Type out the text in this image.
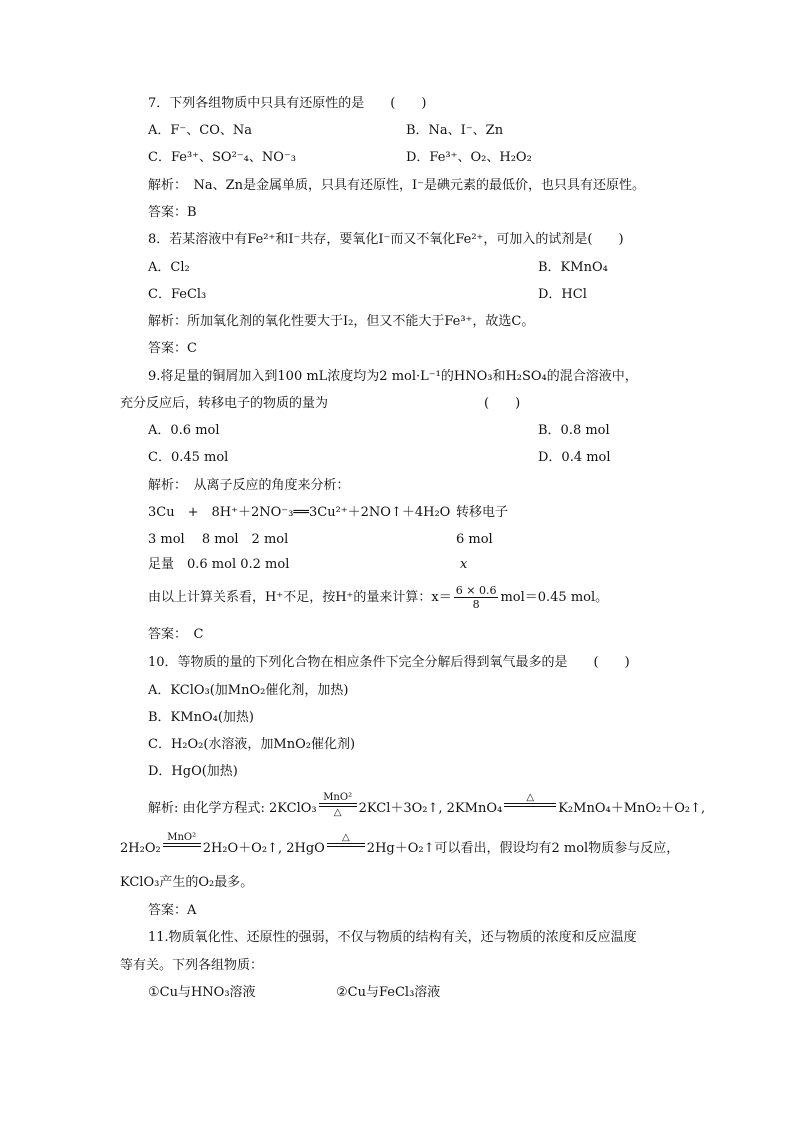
7．下列各组物质中只具有还原性的是　　(　　)
A．F⁻、CO、Na	B．Na、I⁻、Zn
C．Fe³⁺、SO²⁻₄、NO⁻₃	D．Fe³⁺、O₂、H₂O₂
解析：　Na、Zn是金属单质，只具有还原性，I⁻是碘元素的最低价，也只具有还原性。
答案：B
8．若某溶液中有Fe²⁺和I⁻共存，要氧化I⁻而又不氧化Fe²⁺，可加入的试剂是(　　)
A．Cl₂	B．KMnO₄
C．FeCl₃	D．HCl
解析：所加氧化剂的氧化性要大于I₂，但又不能大于Fe³⁺，故选C。
答案：C
9.将足量的铜屑加入到100 mL浓度均为2 mol·L⁻¹的HNO₃和H₂SO₄的混合溶液中，
充分反应后，转移电子的物质的量为　　　　　　　　　　　　(　　)
A．0.6 mol	B．0.8 mol
C．0.45 mol	D．0.4 mol
解析：　从离子反应的角度来分析：
3Cu　+　8H⁺＋2NO⁻₃══3Cu²⁺＋2NO↑＋4H₂O 转移电子
3 mol　 8 mol　2 mol	6 mol
足量　0.6 mol 0.2 mol	x
由以上计算关系看，H⁺不足，按H⁺的量来计算：$x= \frac{6 \times 0.6}{8} mol=0.45$ mol。
答案：　C
10．等物质的量的下列化合物在相应条件下完全分解后得到氧气最多的是　　(　　)
A．KClO₃(加MnO₂催化剂，加热)
B．KMnO₄(加热)
C．H₂O₂(水溶液，加MnO₂催化剂)
D．HgO(加热)
解析: 由化学方程式: 2KClO₃
MnO²
△	2KCl＋3O₂↑, 2KMnO₄
△

K₂MnO₄＋MnO₂＋O₂↑,
2H₂O₂
MnO²

2H₂O＋O₂↑, 2HgO
△

2Hg＋O₂↑可以看出，假设均有2 mol物质参与反应，
KClO₃产生的O₂最多。
答案：A
11.物质氧化性、还原性的强弱，不仅与物质的结构有关，还与物质的浓度和反应温度
等有关。下列各组物质：
①Cu与HNO₃溶液	②Cu与FeCl₃溶液
